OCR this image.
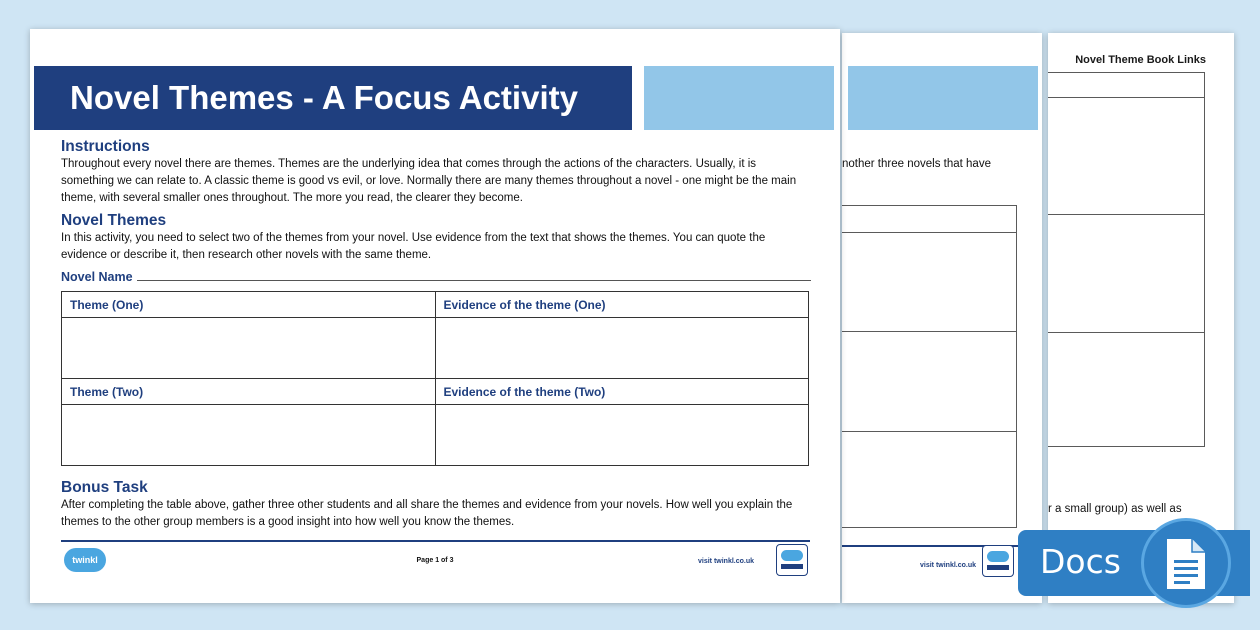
Novel Theme Book Links
r a small group) as well as
nother three novels that have
visit twinkl.co.uk
Novel Themes - A Focus Activity
Instructions

Throughout every novel there are themes. Themes are the underlying idea that comes through the actions of the characters. Usually, it is something we can relate to. A classic theme is good vs evil, or love. Normally there are many themes throughout a novel - one might be the main theme, with several smaller ones throughout. The more you read, the clearer they become.

Novel Themes

In this activity, you need to select two of the themes from your novel. Use evidence from the text that shows the themes. You can quote the evidence or describe it, then research other novels with the same theme.

Novel Name
Theme (One)	Evidence of the theme (One)

Theme (Two)	Evidence of the theme (Two)

Bonus Task

After completing the table above, gather three other students and all share the themes and evidence from your novels. How well you explain the themes to the other group members is a good insight into how well you know the themes.

twinkl	Page 1 of 3	visit twinkl.co.uk	Docs
